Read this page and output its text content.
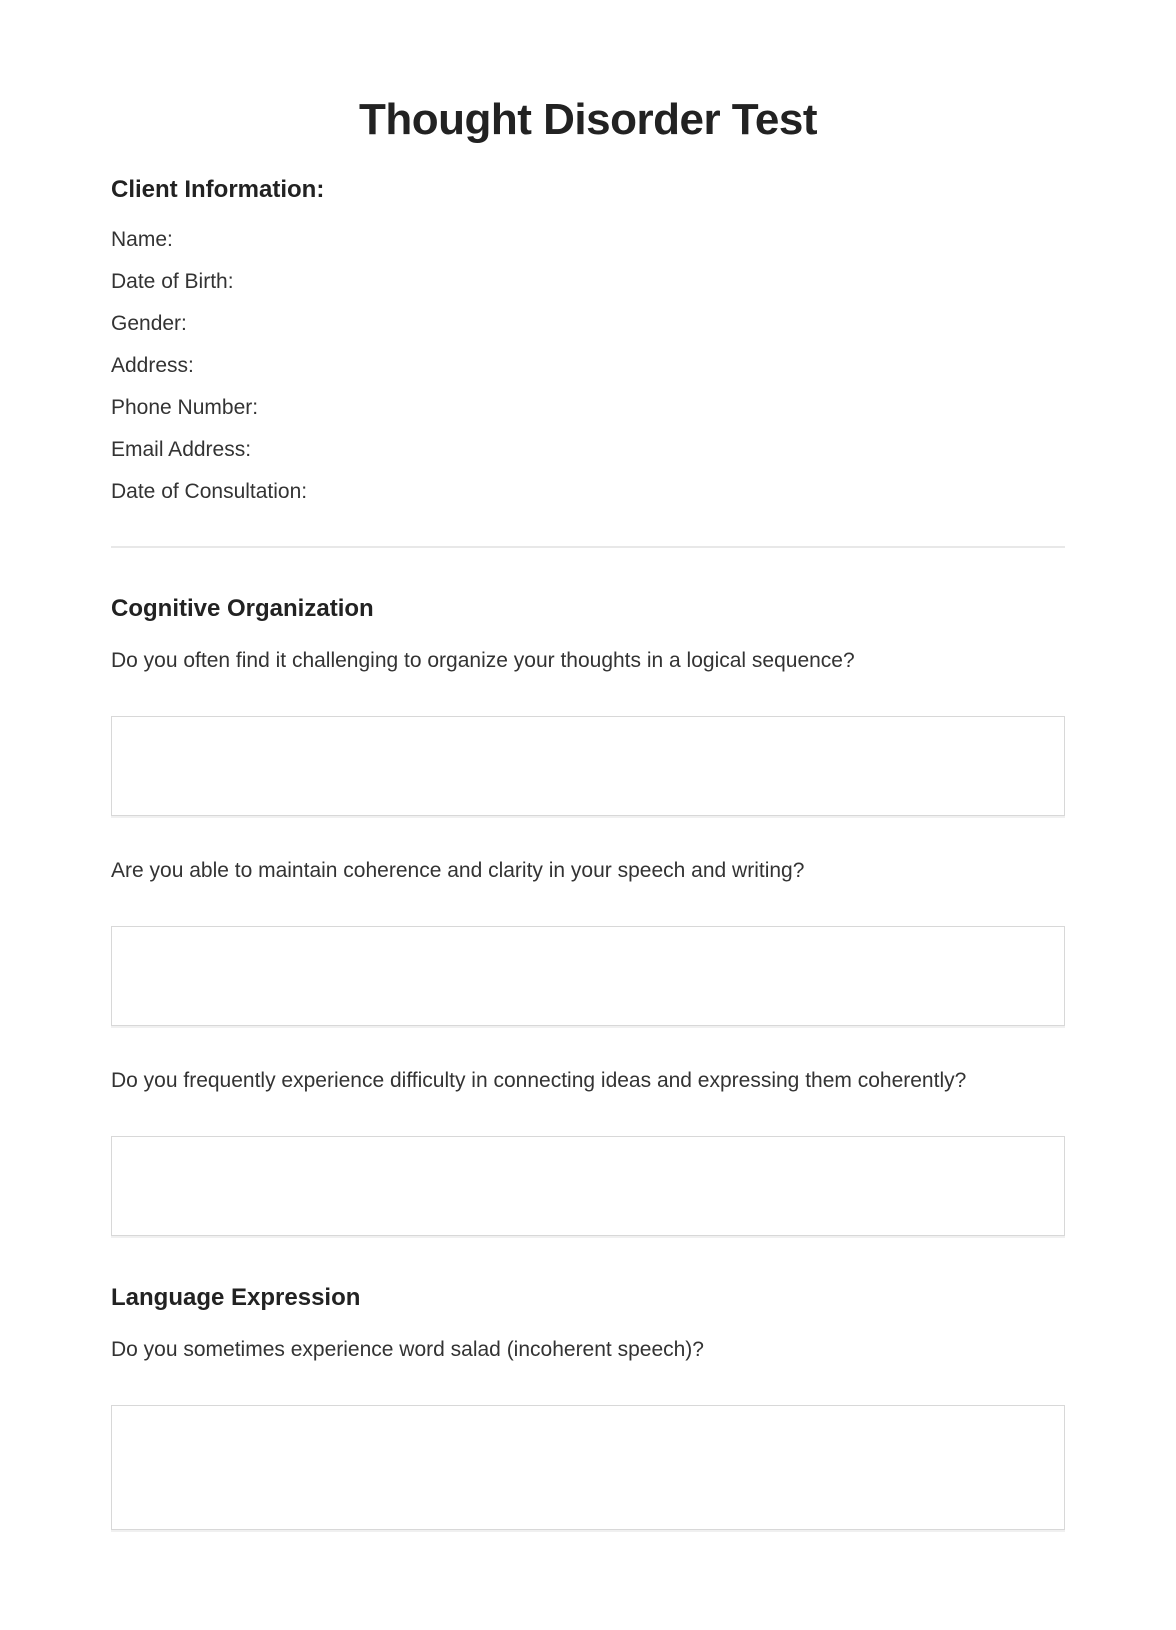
Thought Disorder Test
Client Information:

Name:

Date of Birth:

Gender:

Address:

Phone Number:

Email Address:

Date of Consultation:

Cognitive Organization

Do you often find it challenging to organize your thoughts in a logical sequence?

Are you able to maintain coherence and clarity in your speech and writing?

Do you frequently experience difficulty in connecting ideas and expressing them coherently?

Language Expression

Do you sometimes experience word salad (incoherent speech)?
